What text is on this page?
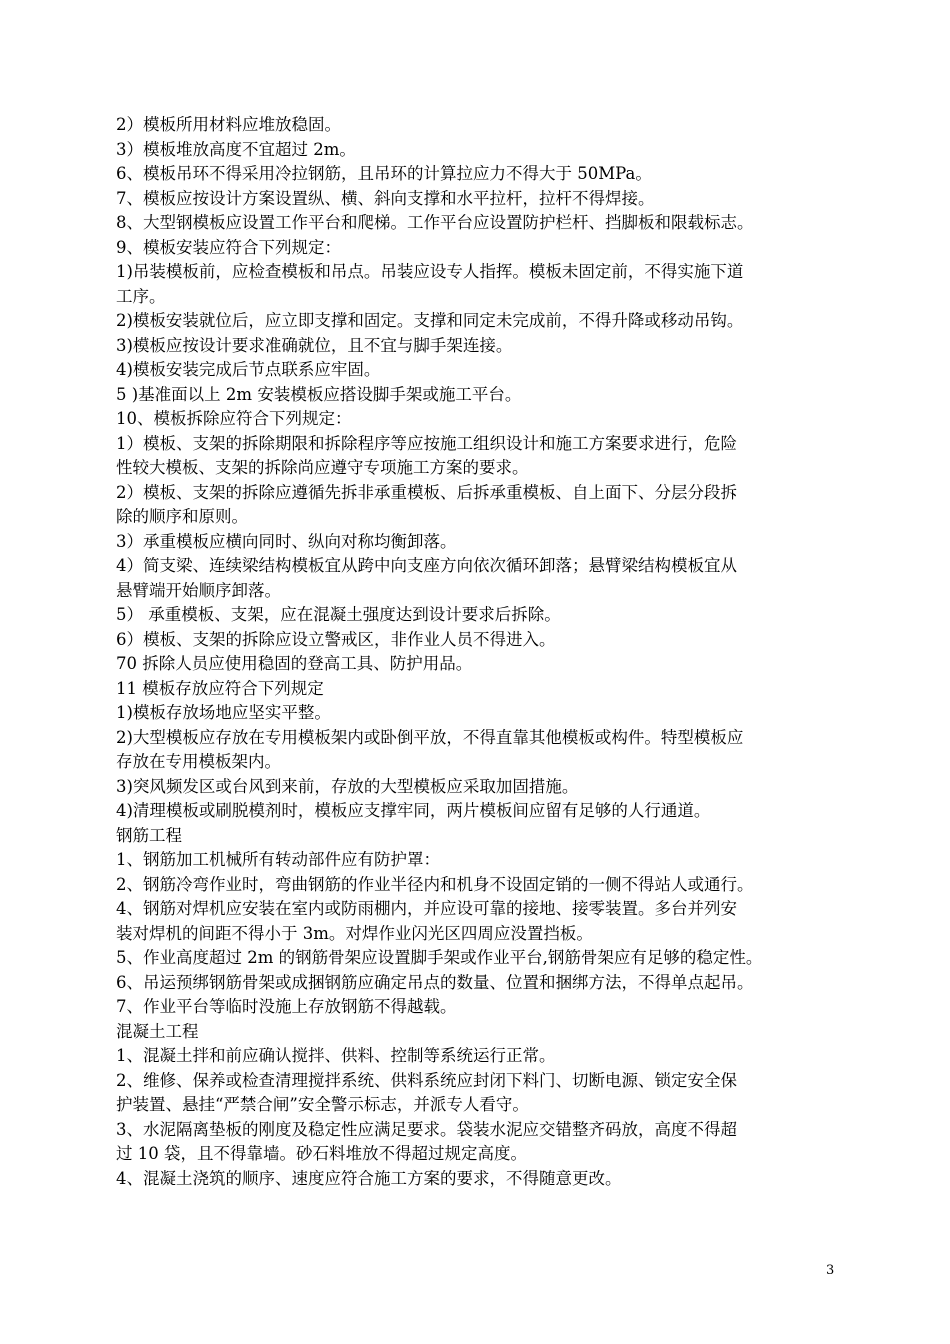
2）模板所用材料应堆放稳固。
3）模板堆放高度不宜超过 2m。
6、模板吊环不得采用冷拉钢筋，且吊环的计算拉应力不得大于 50MPa。
7、模板应按设计方案设置纵、横、斜向支撑和水平拉杆，拉杆不得焊接。
8、大型钢模板应设置工作平台和爬梯。工作平台应设置防护栏杆、挡脚板和限载标志。
9、模板安装应符合下列规定：
1)吊装模板前，应检查模板和吊点。吊装应设专人指挥。模板未固定前，不得实施下道
工序。
2)模板安装就位后，应立即支撑和固定。支撑和同定未完成前，不得升降或移动吊钩。
3)模板应按设计要求准确就位，且不宜与脚手架连接。
4)模板安装完成后节点联系应牢固。
5 )基准面以上 2m 安装模板应搭设脚手架或施工平台。
10、模板拆除应符合下列规定：
1）模板、支架的拆除期限和拆除程序等应按施工组织设计和施工方案要求进行，危险
性较大模板、支架的拆除尚应遵守专项施工方案的要求。
2）模板、支架的拆除应遵循先拆非承重模板、后拆承重模板、自上面下、分层分段拆
除的顺序和原则。
3）承重模板应横向同时、纵向对称均衡卸落。
4）简支梁、连续梁结构模板宜从跨中向支座方向依次循环卸落；悬臂梁结构模板宜从
悬臂端开始顺序卸落。
5） 承重模板、支架，应在混凝土强度达到设计要求后拆除。
6）模板、支架的拆除应设立警戒区，非作业人员不得进入。
70 拆除人员应使用稳固的登高工具、防护用品。
11 模板存放应符合下列规定
1)模板存放场地应坚实平整。
2)大型模板应存放在专用模板架内或卧倒平放，不得直靠其他模板或构件。特型模板应
存放在专用模板架内。
3)突风频发区或台风到来前，存放的大型模板应采取加固措施。
4)清理模板或刷脱模剂时，模板应支撑牢同，两片模板间应留有足够的人行通道。
钢筋工程
1、钢筋加工机械所有转动部件应有防护罩：
2、钢筋冷弯作业时，弯曲钢筋的作业半径内和机身不设固定销的一侧不得站人或通行。
4、钢筋对焊机应安装在室内或防雨棚内，并应设可靠的接地、接零装置。多台并列安
装对焊机的间距不得小于 3m。对焊作业闪光区四周应没置挡板。
5、作业高度超过 2m 的钢筋骨架应设置脚手架或作业平台,钢筋骨架应有足够的稳定性。
6、吊运预绑钢筋骨架或成捆钢筋应确定吊点的数量、位置和捆绑方法，不得单点起吊。
7、作业平台等临时没施上存放钢筋不得越载。
混凝土工程
1、混凝土拌和前应确认搅拌、供料、控制等系统运行正常。
2、维修、保养或检查清理搅拌系统、供料系统应封闭下料门、切断电源、锁定安全保
护装置、悬挂“严禁合闸”安全警示标志，并派专人看守。
3、水泥隔离垫板的刚度及稳定性应满足要求。袋装水泥应交错整齐码放，高度不得超
过 10 袋，且不得靠墙。砂石料堆放不得超过规定高度。
4、混凝土浇筑的顺序、速度应符合施工方案的要求，不得随意更改。
3
